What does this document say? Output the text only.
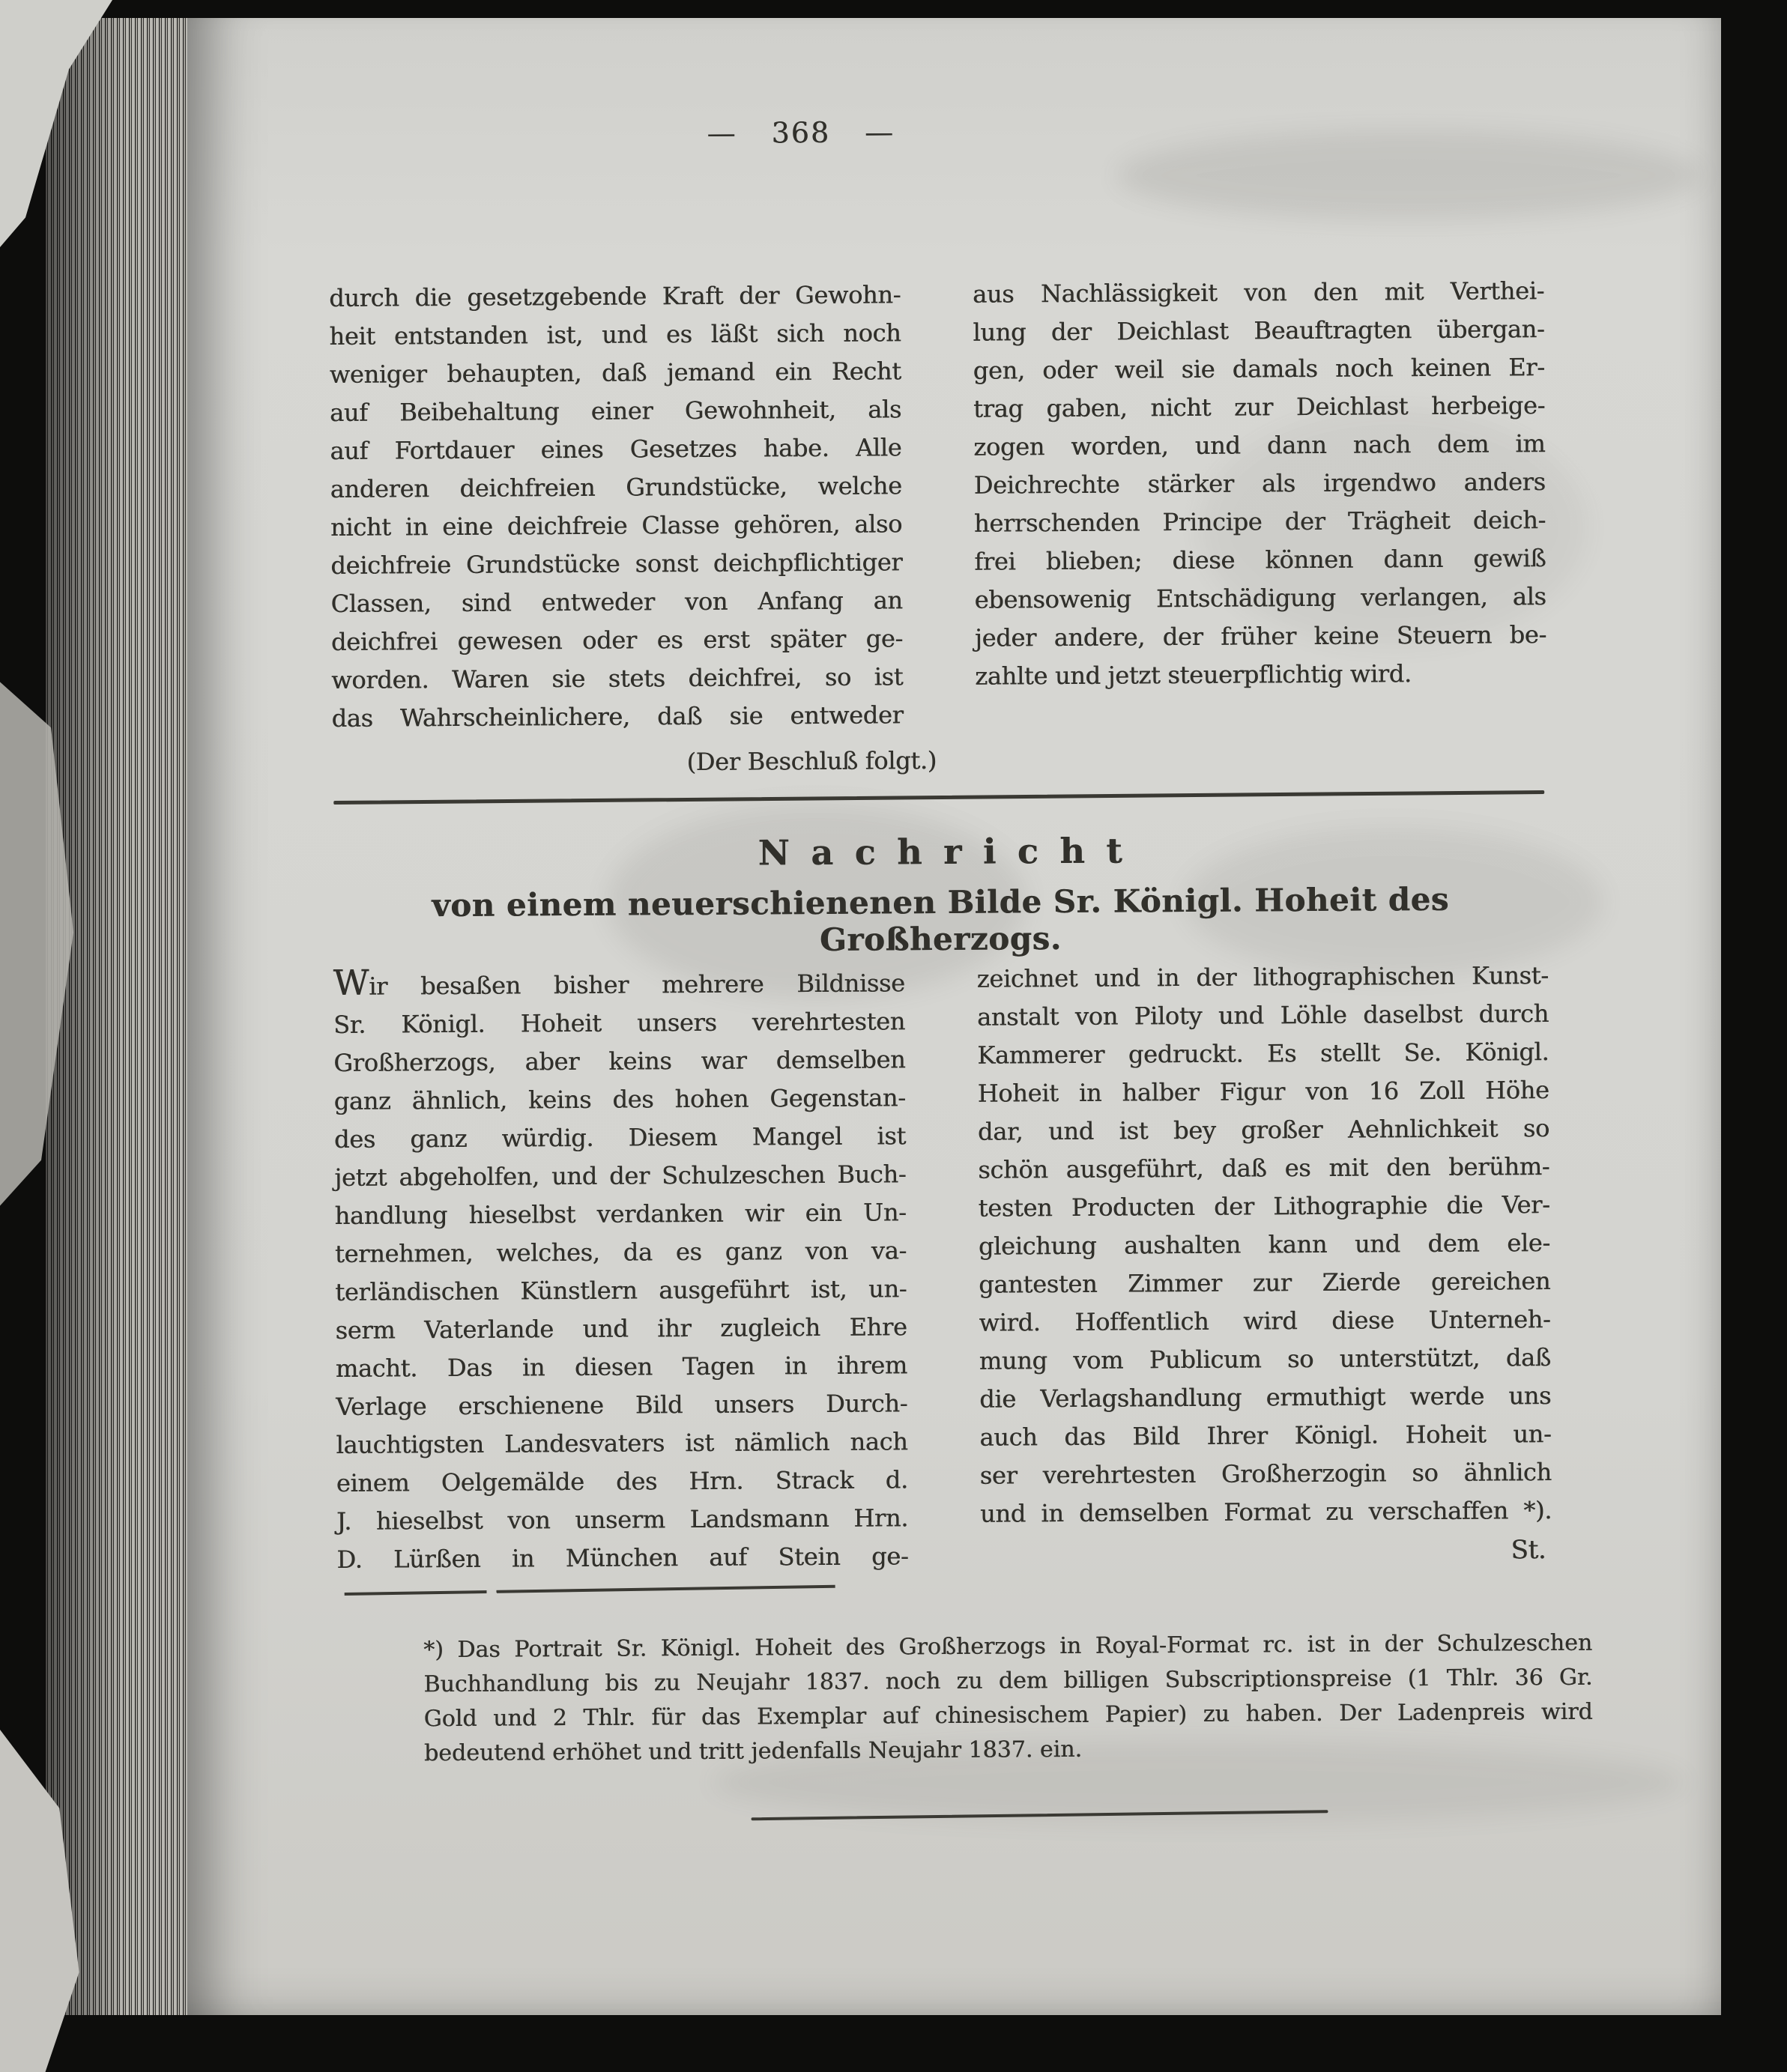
— 368 —
durch die gesetzgebende Kraft der Gewohn-
heit entstanden ist, und es läßt sich noch
weniger behaupten, daß jemand ein Recht
auf Beibehaltung einer Gewohnheit, als
auf Fortdauer eines Gesetzes habe. Alle
anderen deichfreien Grundstücke, welche
nicht in eine deichfreie Classe gehören, also
deichfreie Grundstücke sonst deichpflichtiger
Classen, sind entweder von Anfang an
deichfrei gewesen oder es erst später ge-
worden. Waren sie stets deichfrei, so ist
das Wahrscheinlichere, daß sie entweder
(Der Beschluß folgt.)
aus Nachlässigkeit von den mit Verthei-
lung der Deichlast Beauftragten übergan-
gen, oder weil sie damals noch keinen Er-
trag gaben, nicht zur Deichlast herbeige-
zogen worden, und dann nach dem im
Deichrechte stärker als irgendwo anders
herrschenden Principe der Trägheit deich-
frei blieben; diese können dann gewiß
ebensowenig Entschädigung verlangen, als
jeder andere, der früher keine Steuern be-
zahlte und jetzt steuerpflichtig wird.
Nachricht
von einem neuerschienenen Bilde Sr. Königl. Hoheit des Großherzogs.
Wir besaßen bisher mehrere Bildnisse
Sr. Königl. Hoheit unsers verehrtesten
Großherzogs, aber keins war demselben
ganz ähnlich, keins des hohen Gegenstan-
des ganz würdig. Diesem Mangel ist
jetzt abgeholfen, und der Schulzeschen Buch-
handlung hieselbst verdanken wir ein Un-
ternehmen, welches, da es ganz von va-
terländischen Künstlern ausgeführt ist, un-
serm Vaterlande und ihr zugleich Ehre
macht. Das in diesen Tagen in ihrem
Verlage erschienene Bild unsers Durch-
lauchtigsten Landesvaters ist nämlich nach
einem Oelgemälde des Hrn. Strack d.
J. hieselbst von unserm Landsmann Hrn.
D. Lürßen in München auf Stein ge-
zeichnet und in der lithographischen Kunst-
anstalt von Piloty und Löhle daselbst durch
Kammerer gedruckt. Es stellt Se. Königl.
Hoheit in halber Figur von 16 Zoll Höhe
dar, und ist bey großer Aehnlichkeit so
schön ausgeführt, daß es mit den berühm-
testen Producten der Lithographie die Ver-
gleichung aushalten kann und dem ele-
gantesten Zimmer zur Zierde gereichen
wird. Hoffentlich wird diese Unterneh-
mung vom Publicum so unterstützt, daß
die Verlagshandlung ermuthigt werde uns
auch das Bild Ihrer Königl. Hoheit un-
ser verehrtesten Großherzogin so ähnlich
und in demselben Format zu verschaffen *).
St.
*) Das Portrait Sr. Königl. Hoheit des Großherzogs in Royal-Format rc. ist in der Schulzeschen
Buchhandlung bis zu Neujahr 1837. noch zu dem billigen Subscriptionspreise (1 Thlr. 36 Gr.
Gold und 2 Thlr. für das Exemplar auf chinesischem Papier) zu haben. Der Ladenpreis wird
bedeutend erhöhet und tritt jedenfalls Neujahr 1837. ein.
